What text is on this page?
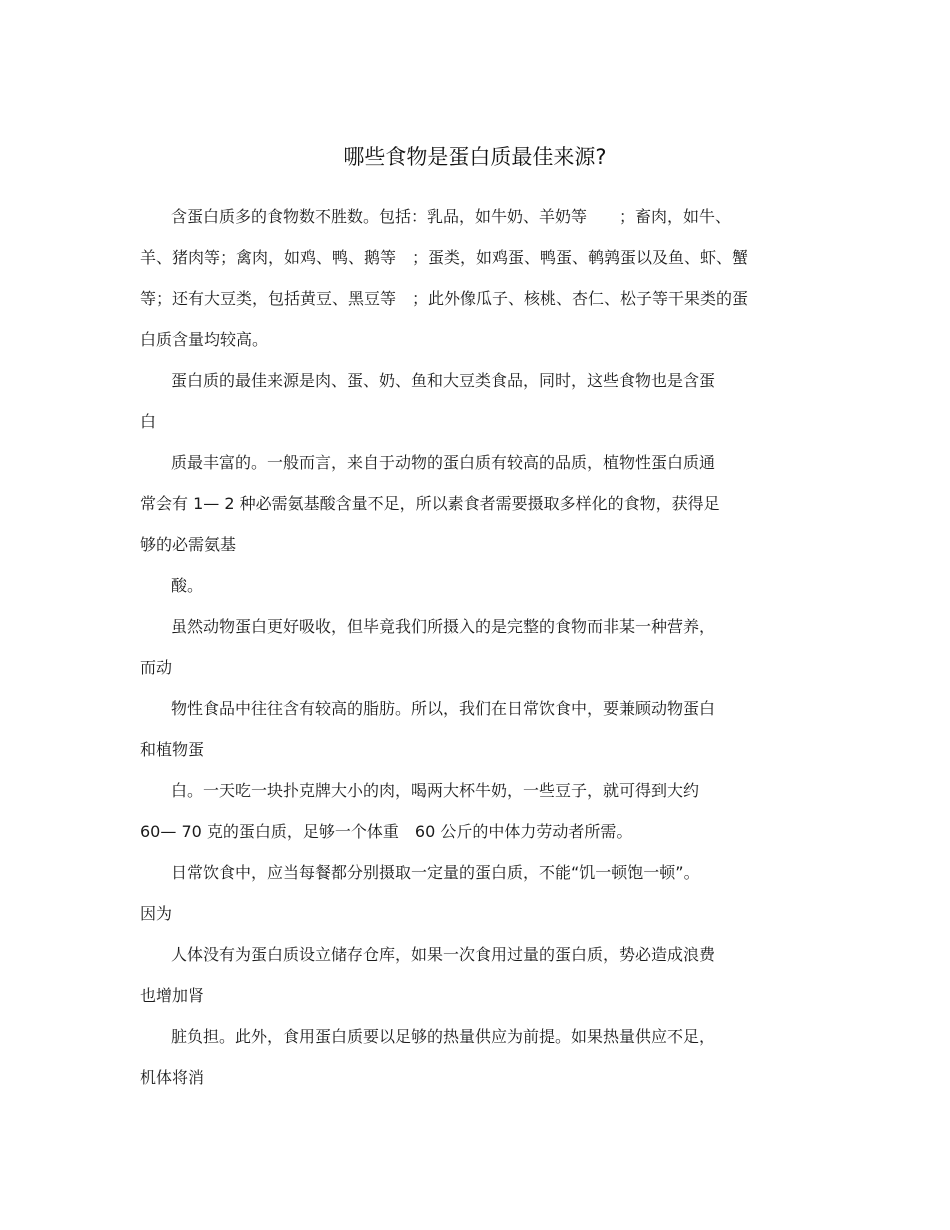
哪些食物是蛋白质最佳来源?
含蛋白质多的食物数不胜数。包括：乳品，如牛奶、羊奶等　　；畜肉，如牛、
羊、猪肉等；禽肉，如鸡、鸭、鹅等　；蛋类，如鸡蛋、鸭蛋、鹌鹑蛋以及鱼、虾、蟹
等；还有大豆类，包括黄豆、黑豆等　；此外像瓜子、核桃、杏仁、松子等干果类的蛋
白质含量均较高。
蛋白质的最佳来源是肉、蛋、奶、鱼和大豆类食品，同时，这些食物也是含蛋
白
质最丰富的。一般而言，来自于动物的蛋白质有较高的品质，植物性蛋白质通
常会有 1— 2 种必需氨基酸含量不足，所以素食者需要摄取多样化的食物，获得足
够的必需氨基
酸。
虽然动物蛋白更好吸收，但毕竟我们所摄入的是完整的食物而非某一种营养，
而动
物性食品中往往含有较高的脂肪。所以，我们在日常饮食中，要兼顾动物蛋白
和植物蛋
白。一天吃一块扑克牌大小的肉，喝两大杯牛奶，一些豆子，就可得到大约
60— 70 克的蛋白质，足够一个体重　60 公斤的中体力劳动者所需。
日常饮食中，应当每餐都分别摄取一定量的蛋白质，不能“饥一顿饱一顿”。
因为
人体没有为蛋白质设立储存仓库，如果一次食用过量的蛋白质，势必造成浪费
也增加肾
脏负担。此外，食用蛋白质要以足够的热量供应为前提。如果热量供应不足，
机体将消
